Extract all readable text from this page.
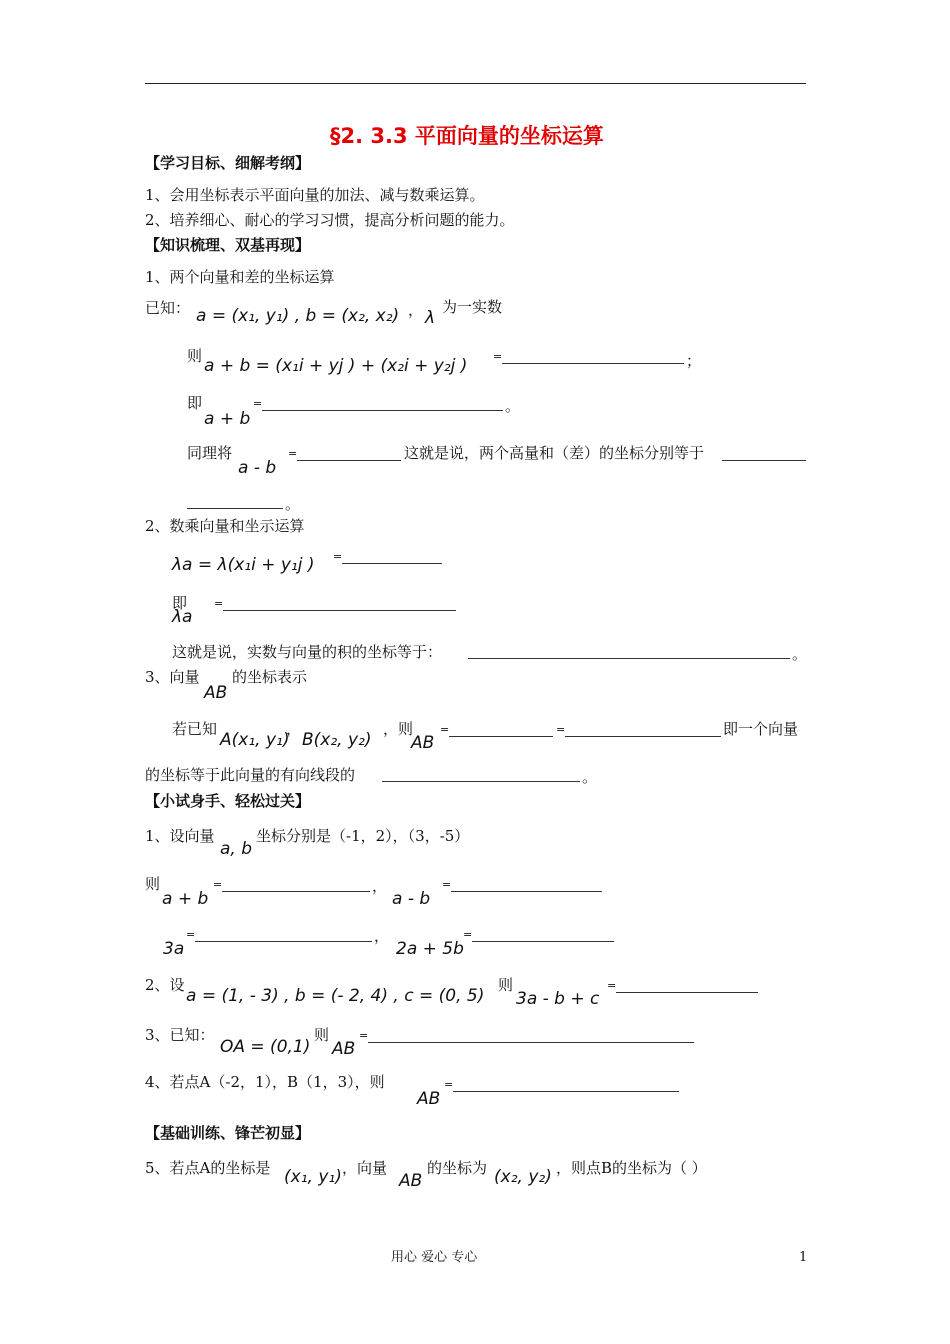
§2. 3.3 平面向量的坐标运算
【学习目标、细解考纲】
1、会用坐标表示平面向量的加法、减与数乘运算。
2、培养细心、耐心的学习习惯，提高分析问题的能力。
【知识梳理、双基再现】
1、两个向量和差的坐标运算
已知： a = (x₁, y₁) , b = (x₂, x₂) ， λ
为一实数
则 a + b = (x₁i + yj ) + (x₂i + y₂j ) =	；
即
a + b
=	。
同理将
a - b
=	这就是说，两个高量和（差）的坐标分别等于
。
2、数乘向量和坐示运算
λa = λ(x₁i + y₁j ) =
即
λa
=
这就是说，实数与向量的积的坐标等于：	。
3、向量
AB
的坐标表示
若已知
A(x₁, y₁)
，
B(x₂, y₂)
，则
AB
=	=	即一个向量
的坐标等于此向量的有向线段的	。
【小试身手、轻松过关】
1、设向量
a, b
坐标分别是（-1，2），（3，-5）
则
a + b
=	，
a - b
=
3a
=	，
2a + 5b
=
2、设
a = (1, - 3) , b = (- 2, 4) , c = (0, 5)
则
3a - b + c
=
3、已知：
OA = (0,1)
则
AB
=
4、若点A（-2，1），B（1，3），则
AB
=
【基础训练、锋芒初显】
5、若点A的坐标是 (x₁, y₁) ，向量
AB
的坐标为 (x₂, y₂) ，则点B的坐标为（ ）
用心 爱心 专心	1
